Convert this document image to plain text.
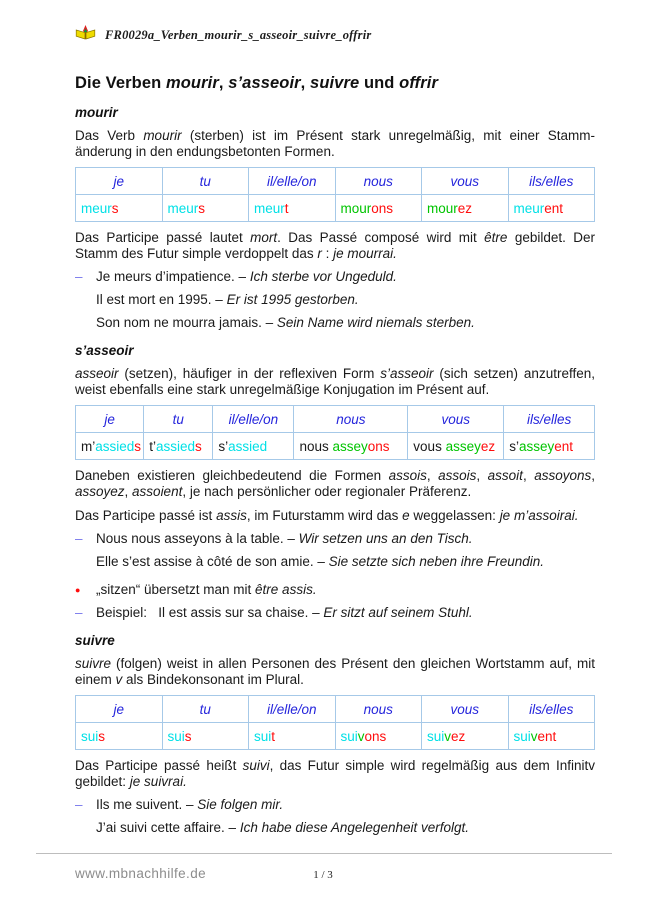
FR0029a_Verben_mourir_s_asseoir_suivre_offrir
Die Verben mourir, s’asseoir, suivre und offrir
mourir

Das Verb mourir (sterben) ist im Présent stark unregelmäßig, mit einer Stamm-änderung in den endungsbetonten Formen.

je	tu	il/elle/on	nous	vous	ils/elles
meurs	meurs	meurt	mourons	mourez	meurent

Das Participe passé lautet mort. Das Passé composé wird mit être gebildet. Der Stamm des Futur simple verdoppelt das r : je mourrai.

– Je meurs d’impatience. – Ich sterbe vor Ungeduld.
Il est mort en 1995. – Er ist 1995 gestorben.
Son nom ne mourra jamais. – Sein Name wird niemals sterben.
s’asseoir

asseoir (setzen), häufiger in der reflexiven Form s’asseoir (sich setzen) anzutreffen, weist ebenfalls eine stark unregelmäßige Konjugation im Présent auf.

je	tu	il/elle/on	nous	vous	ils/elles
m’assieds	t’assieds	s’assied	nous asseyons	vous asseyez	s’asseyent

Daneben existieren gleichbedeutend die Formen assois, assois, assoit, assoyons, assoyez, assoient, je nach persönlicher oder regionaler Präferenz.

Das Participe passé ist assis, im Futurstamm wird das e weggelassen: je m’assoirai.

– Nous nous asseyons à la table. – Wir setzen uns an den Tisch.
Elle s’est assise à côté de son amie. – Sie setzte sich neben ihre Freundin.
●	„sitzen“ übersetzt man mit être assis.
– Beispiel:   Il est assis sur sa chaise. – Er sitzt auf seinem Stuhl.
suivre

suivre (folgen) weist in allen Personen des Présent den gleichen Wortstamm auf, mit einem v als Bindekonsonant im Plural.

je	tu	il/elle/on	nous	vous	ils/elles
suis	suis	suit	suivons	suivez	suivent

Das Participe passé heißt suivi, das Futur simple wird regelmäßig aus dem Infinitv gebildet: je suivrai.

– Ils me suivent. – Sie folgen mir.
J’ai suivi cette affaire. – Ich habe diese Angelegenheit verfolgt.
www.mbnachhilfe.de	1 / 3
